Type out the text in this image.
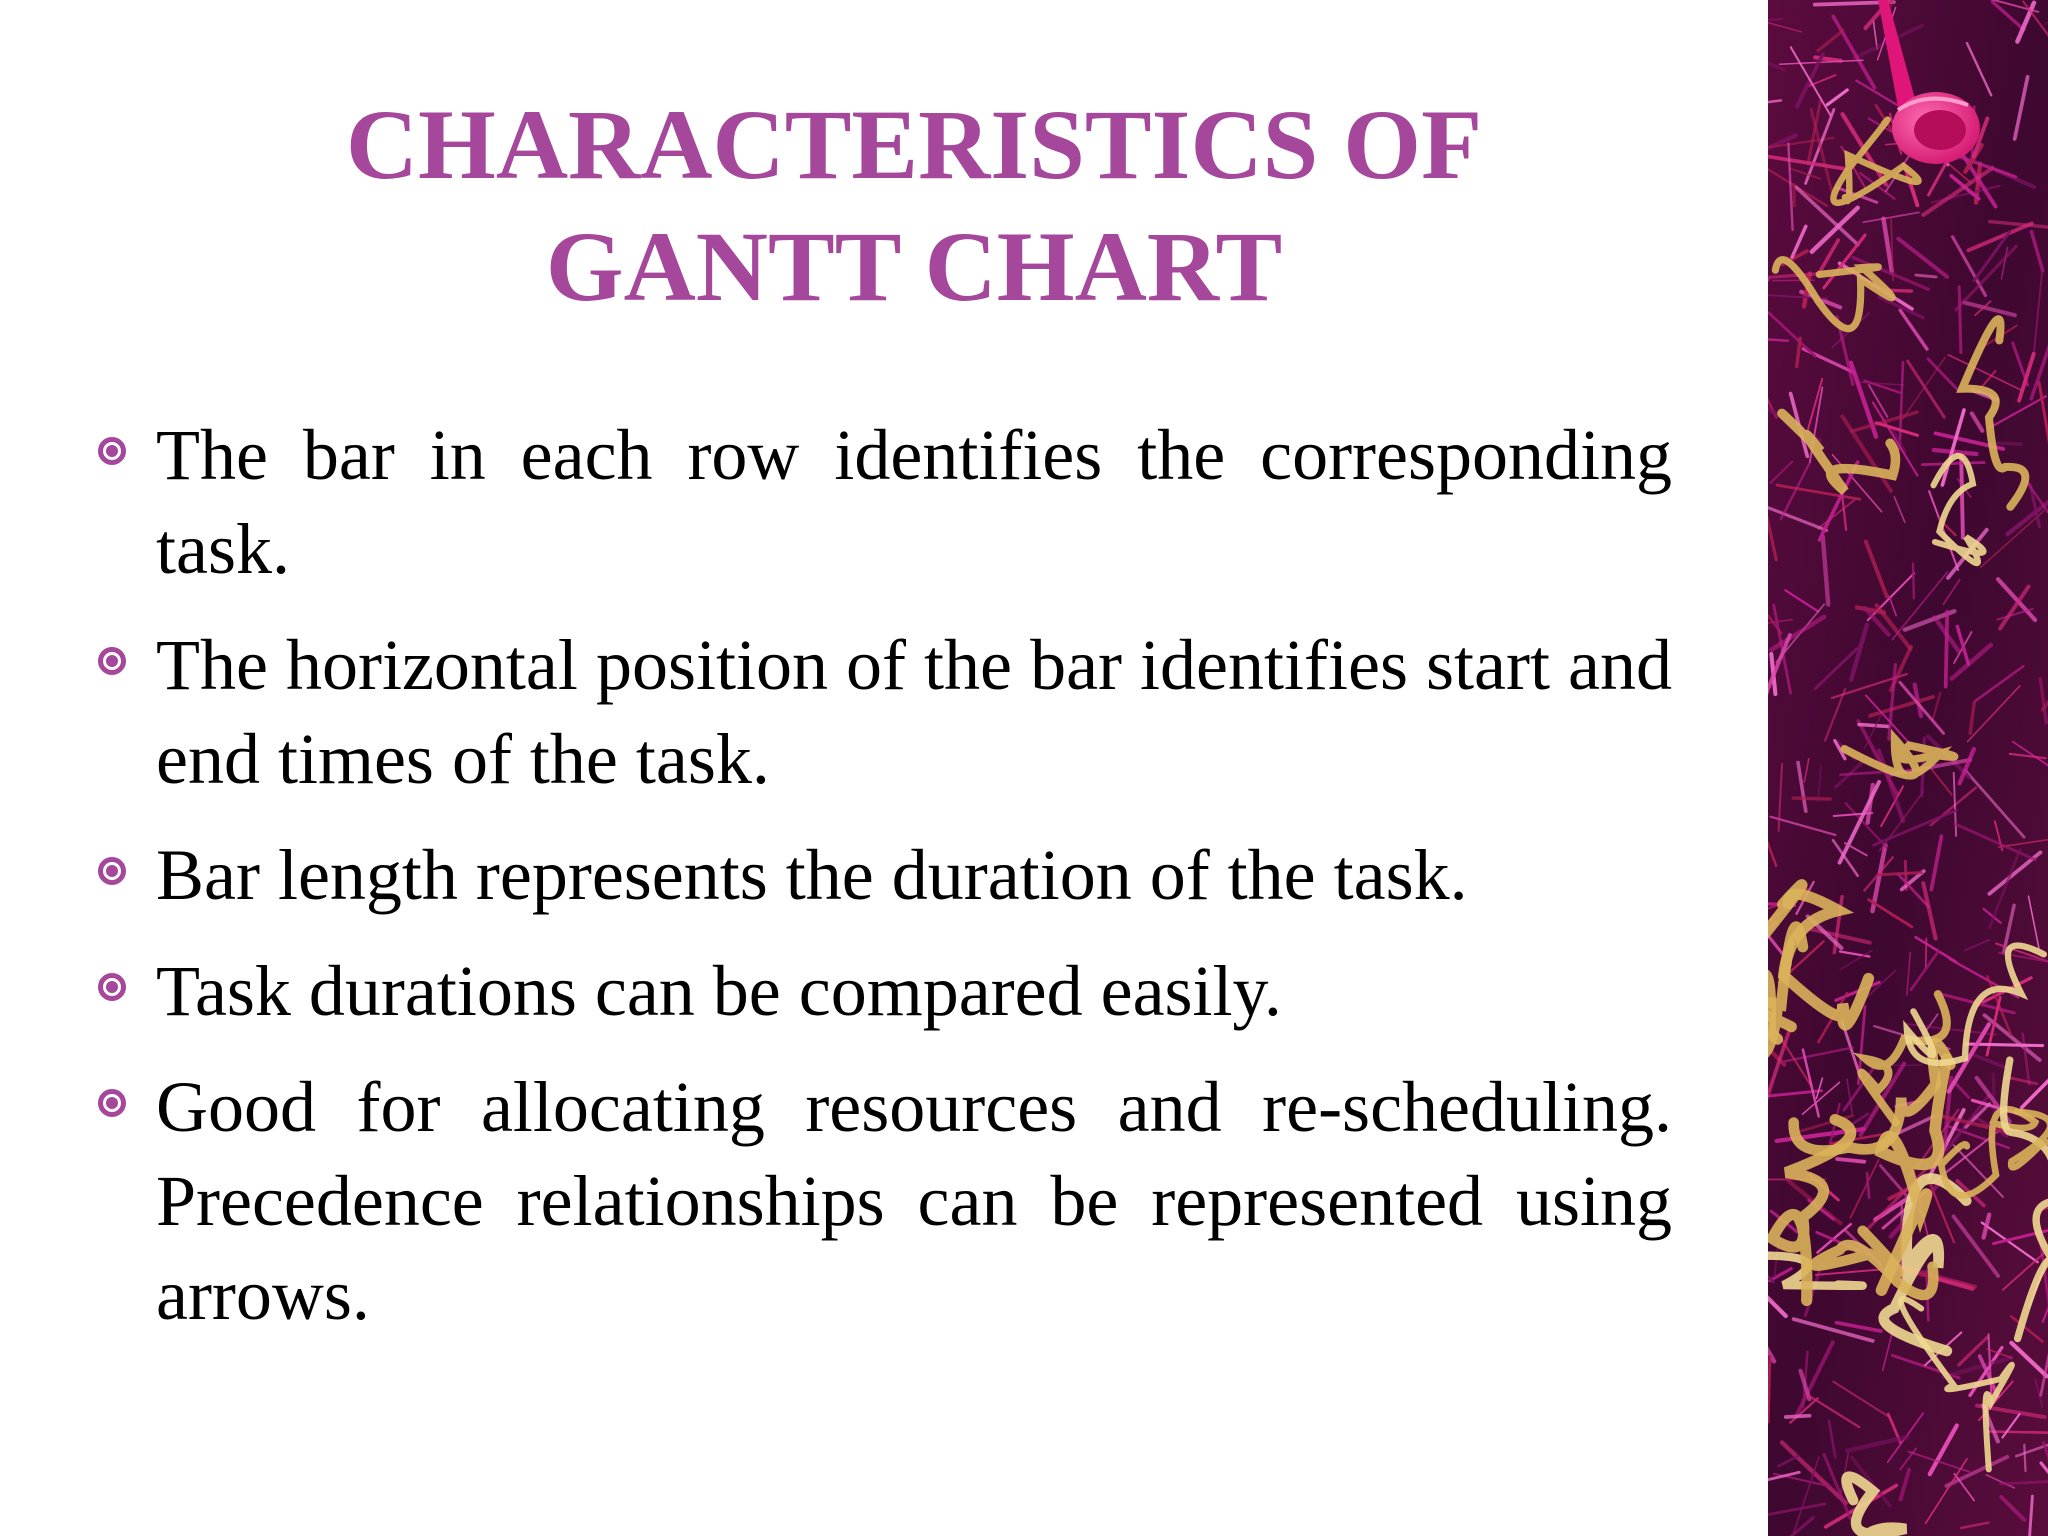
CHARACTERISTICS OF
GANTT CHART
The bar in each row identifies the corresponding task.
The horizontal position of the bar identifies start and end times of the task.
Bar length represents the duration of the task.
Task durations can be compared easily.
Good for allocating resources and re-scheduling. Precedence relationships can be represented using arrows.
